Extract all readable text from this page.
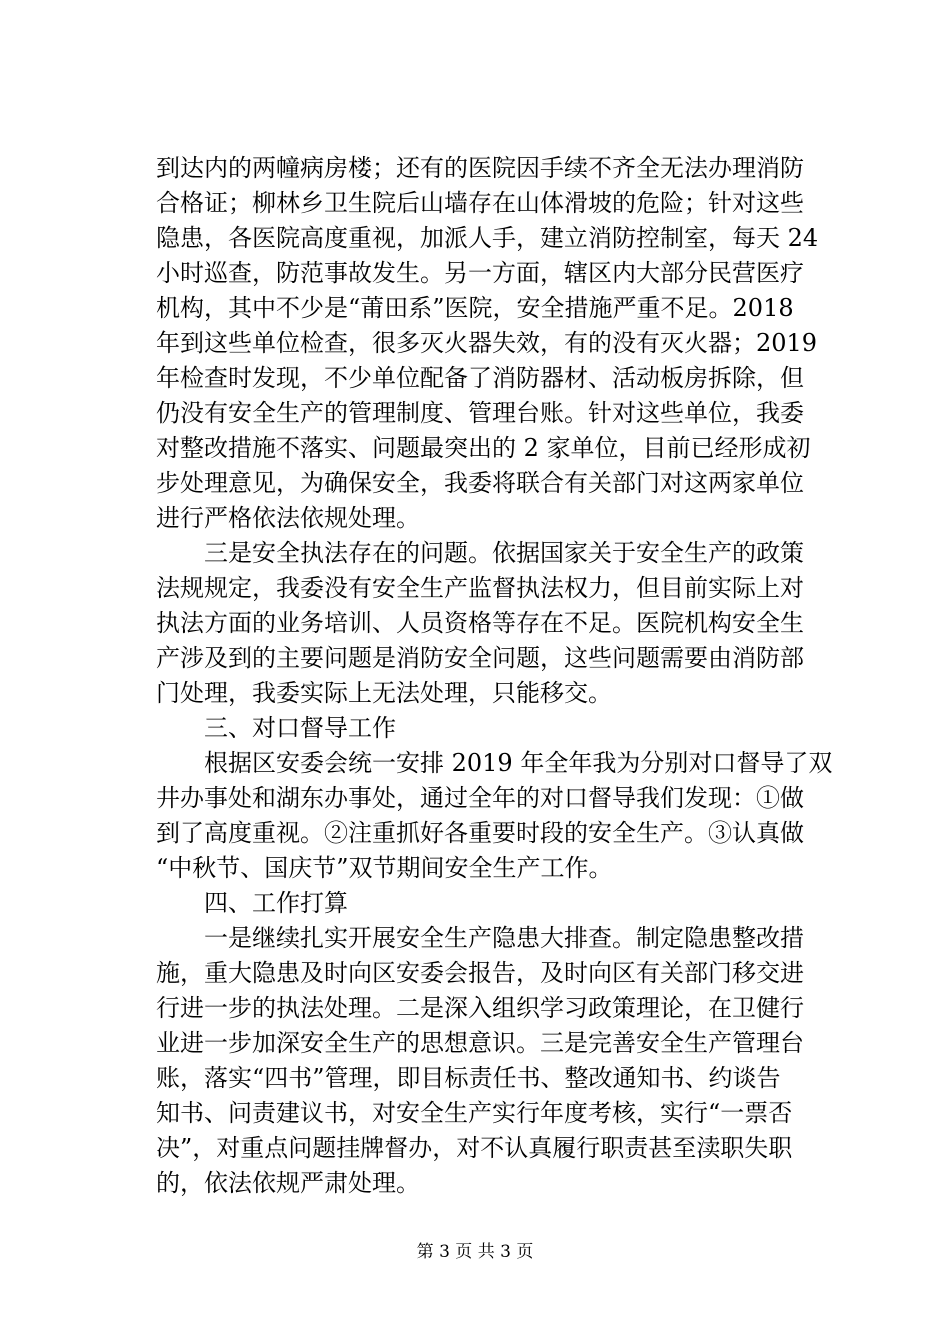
到达内的两幢病房楼；还有的医院因手续不齐全无法办理消防
合格证；柳林乡卫生院后山墙存在山体滑坡的危险；针对这些
隐患，各医院高度重视，加派人手，建立消防控制室，每天 24
小时巡查，防范事故发生。另一方面，辖区内大部分民营医疗
机构，其中不少是“莆田系”医院，安全措施严重不足。2018
年到这些单位检查，很多灭火器失效，有的没有灭火器；2019
年检查时发现，不少单位配备了消防器材、活动板房拆除，但
仍没有安全生产的管理制度、管理台账。针对这些单位，我委
对整改措施不落实、问题最突出的 2 家单位，目前已经形成初
步处理意见，为确保安全，我委将联合有关部门对这两家单位
进行严格依法依规处理。
　　三是安全执法存在的问题。依据国家关于安全生产的政策
法规规定，我委没有安全生产监督执法权力，但目前实际上对
执法方面的业务培训、人员资格等存在不足。医院机构安全生
产涉及到的主要问题是消防安全问题，这些问题需要由消防部
门处理，我委实际上无法处理，只能移交。
　　三、对口督导工作
　　根据区安委会统一安排 2019 年全年我为分别对口督导了双
井办事处和湖东办事处，通过全年的对口督导我们发现：①做
到了高度重视。②注重抓好各重要时段的安全生产。③认真做
“中秋节、国庆节”双节期间安全生产工作。
　　四、工作打算
　　一是继续扎实开展安全生产隐患大排查。制定隐患整改措
施，重大隐患及时向区安委会报告，及时向区有关部门移交进
行进一步的执法处理。二是深入组织学习政策理论，在卫健行
业进一步加深安全生产的思想意识。三是完善安全生产管理台
账，落实“四书”管理，即目标责任书、整改通知书、约谈告
知书、问责建议书，对安全生产实行年度考核，实行“一票否
决”，对重点问题挂牌督办，对不认真履行职责甚至渎职失职
的，依法依规严肃处理。

第 3 页 共 3 页
